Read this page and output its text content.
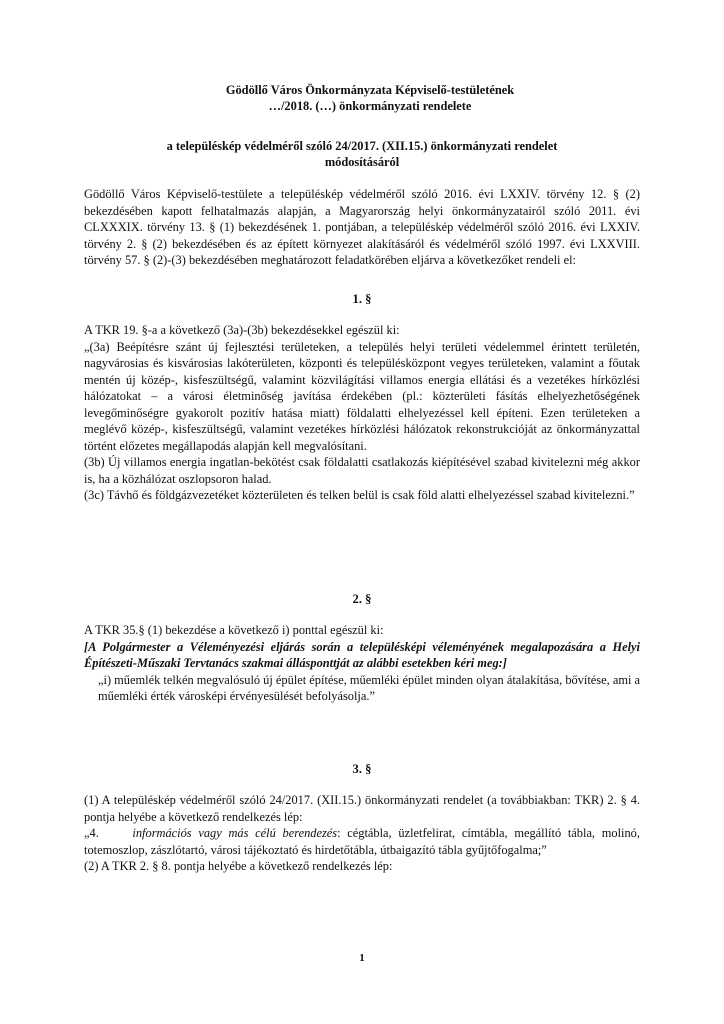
Gödöllő Város Önkormányzata Képviselő-testületének

…/2018. (…) önkormányzati rendelete

a településkép védelméről szóló 24/2017. (XII.15.) önkormányzati rendelet

módosításáról

Gödöllő Város Képviselő-testülete a településkép védelméről szóló 2016. évi LXXIV. törvény 12. § (2) bekezdésében kapott felhatalmazás alapján, a Magyarország helyi önkormányzatairól szóló 2011. évi CLXXXIX. törvény 13. § (1) bekezdésének 1. pontjában, a településkép védelméről szóló 2016. évi LXXIV. törvény 2. § (2) bekezdésében és az épített környezet alakításáról és védelméről szóló 1997. évi LXXVIII. törvény 57. § (2)-(3) bekezdésében meghatározott feladatkörében eljárva a következőket rendeli el:

1. §

A TKR 19. §-a a következő (3a)-(3b) bekezdésekkel egészül ki:
„(3a) Beépítésre szánt új fejlesztési területeken, a település helyi területi védelemmel érintett területén, nagyvárosias és kisvárosias lakóterületen, központi és településközpont vegyes területeken, valamint a főutak mentén új közép-, kisfeszültségű, valamint közvilágítási villamos energia ellátási és a vezetékes hírközlési hálózatokat – a városi életminőség javítása érdekében (pl.: közterületi fásítás elhelyezhetőségének levegőminőségre gyakorolt pozitív hatása miatt) földalatti elhelyezéssel kell építeni. Ezen területeken a meglévő közép-, kisfeszültségű, valamint vezetékes hírközlési hálózatok rekonstrukcióját az önkormányzattal történt előzetes megállapodás alapján kell megvalósítani.
(3b) Új villamos energia ingatlan-bekötést csak földalatti csatlakozás kiépítésével szabad kivitelezni még akkor is, ha a közhálózat oszlopsoron halad.
(3c) Távhő és földgázvezetéket közterületen és telken belül is csak föld alatti elhelyezéssel szabad kivitelezni.”

2. §

A TKR 35.§ (1) bekezdése a következő i) ponttal egészül ki:
[A Polgármester a Véleményezési eljárás során a településképi véleményének megalapozására a Helyi Építészeti-Műszaki Tervtanács szakmai állásponttját az alábbi esetekben kéri meg:]
„i) műemlék telkén megvalósuló új épület építése, műemléki épület minden olyan átalakítása, bővítése, ami a műemléki érték városképi érvényesülését befolyásolja.”

3. §

(1) A településkép védelméről szóló 24/2017. (XII.15.) önkormányzati rendelet (a továbbiakban: TKR) 2. § 4. pontja helyébe a következő rendelkezés lép:
„4.	információs vagy más célú berendezés: cégtábla, üzletfelirat, címtábla, megállító tábla, molinó, totemoszlop, zászlótartó, városi tájékoztató és hirdetőtábla, útbaigazító tábla gyűjtőfogalma;”
(2) A TKR 2. § 8. pontja helyébe a következő rendelkezés lép:
1
